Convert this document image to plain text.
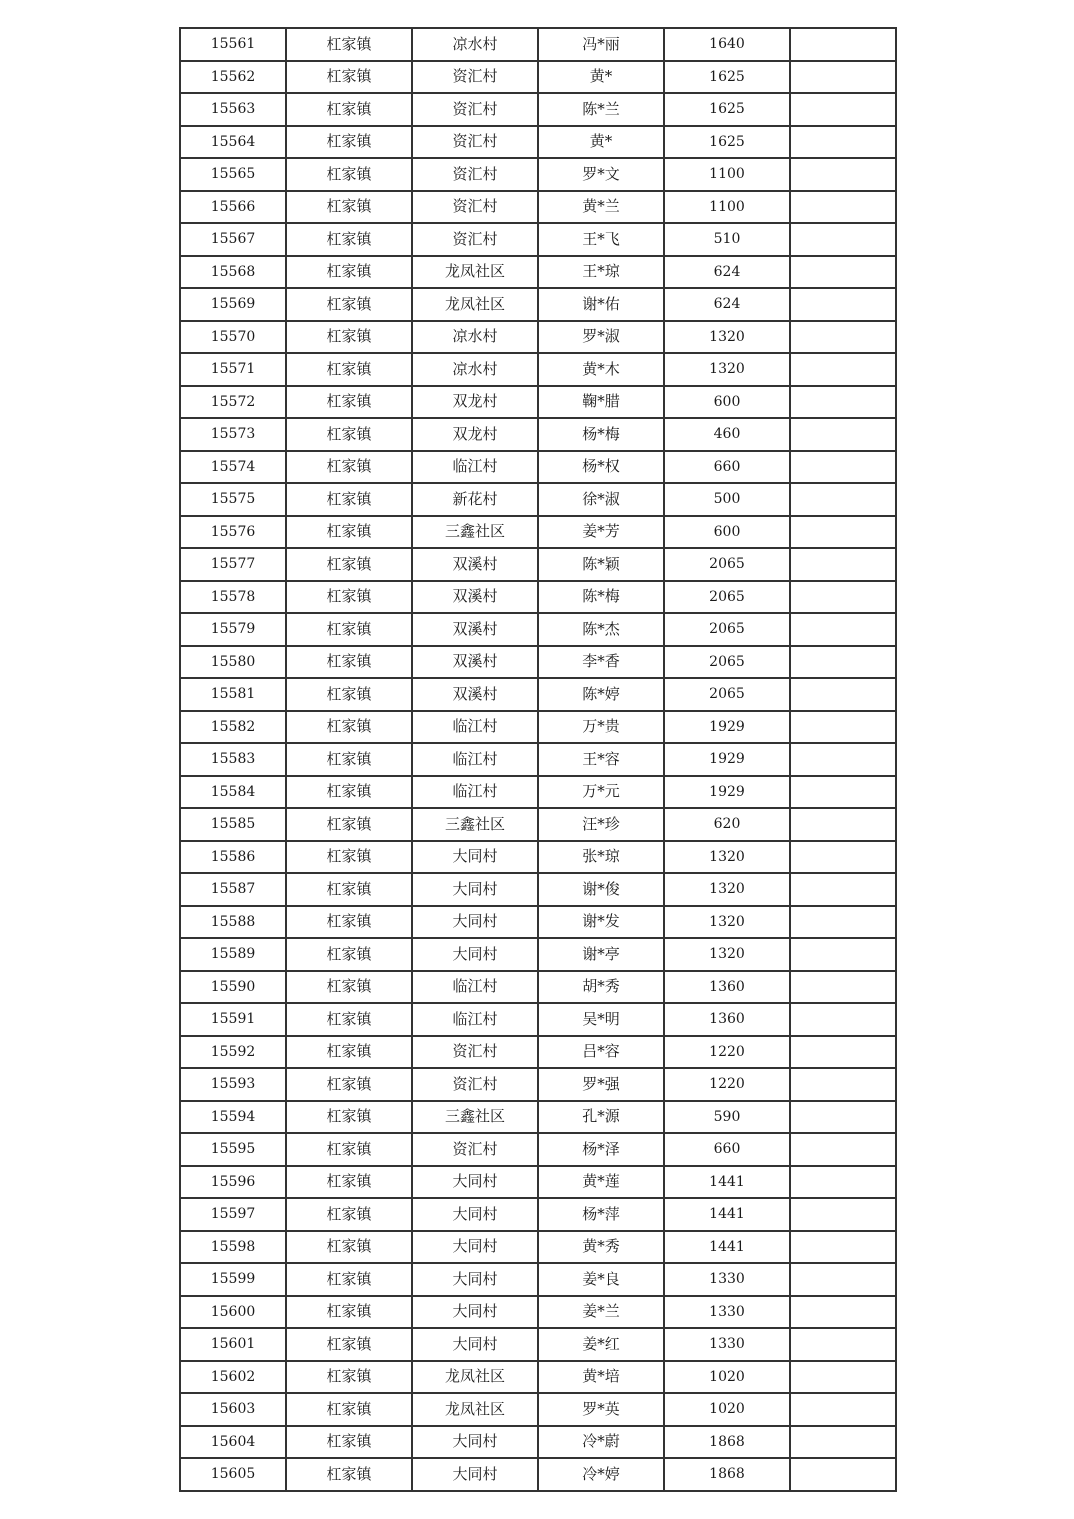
15561	杠家镇	凉水村	冯*丽	1640	
15562	杠家镇	资汇村	黄*	1625	
15563	杠家镇	资汇村	陈*兰	1625	
15564	杠家镇	资汇村	黄*	1625	
15565	杠家镇	资汇村	罗*文	1100	
15566	杠家镇	资汇村	黄*兰	1100	
15567	杠家镇	资汇村	王*飞	510	
15568	杠家镇	龙凤社区	王*琼	624	
15569	杠家镇	龙凤社区	谢*佑	624	
15570	杠家镇	凉水村	罗*淑	1320	
15571	杠家镇	凉水村	黄*木	1320	
15572	杠家镇	双龙村	鞠*腊	600	
15573	杠家镇	双龙村	杨*梅	460	
15574	杠家镇	临江村	杨*权	660	
15575	杠家镇	新花村	徐*淑	500	
15576	杠家镇	三鑫社区	姜*芳	600	
15577	杠家镇	双溪村	陈*颖	2065	
15578	杠家镇	双溪村	陈*梅	2065	
15579	杠家镇	双溪村	陈*杰	2065	
15580	杠家镇	双溪村	李*香	2065	
15581	杠家镇	双溪村	陈*婷	2065	
15582	杠家镇	临江村	万*贵	1929	
15583	杠家镇	临江村	王*容	1929	
15584	杠家镇	临江村	万*元	1929	
15585	杠家镇	三鑫社区	汪*珍	620	
15586	杠家镇	大同村	张*琼	1320	
15587	杠家镇	大同村	谢*俊	1320	
15588	杠家镇	大同村	谢*发	1320	
15589	杠家镇	大同村	谢*亭	1320	
15590	杠家镇	临江村	胡*秀	1360	
15591	杠家镇	临江村	吴*明	1360	
15592	杠家镇	资汇村	吕*容	1220	
15593	杠家镇	资汇村	罗*强	1220	
15594	杠家镇	三鑫社区	孔*源	590	
15595	杠家镇	资汇村	杨*泽	660	
15596	杠家镇	大同村	黄*莲	1441	
15597	杠家镇	大同村	杨*萍	1441	
15598	杠家镇	大同村	黄*秀	1441	
15599	杠家镇	大同村	姜*良	1330	
15600	杠家镇	大同村	姜*兰	1330	
15601	杠家镇	大同村	姜*红	1330	
15602	杠家镇	龙凤社区	黄*培	1020	
15603	杠家镇	龙凤社区	罗*英	1020	
15604	杠家镇	大同村	冷*蔚	1868	
15605	杠家镇	大同村	冷*婷	1868	
